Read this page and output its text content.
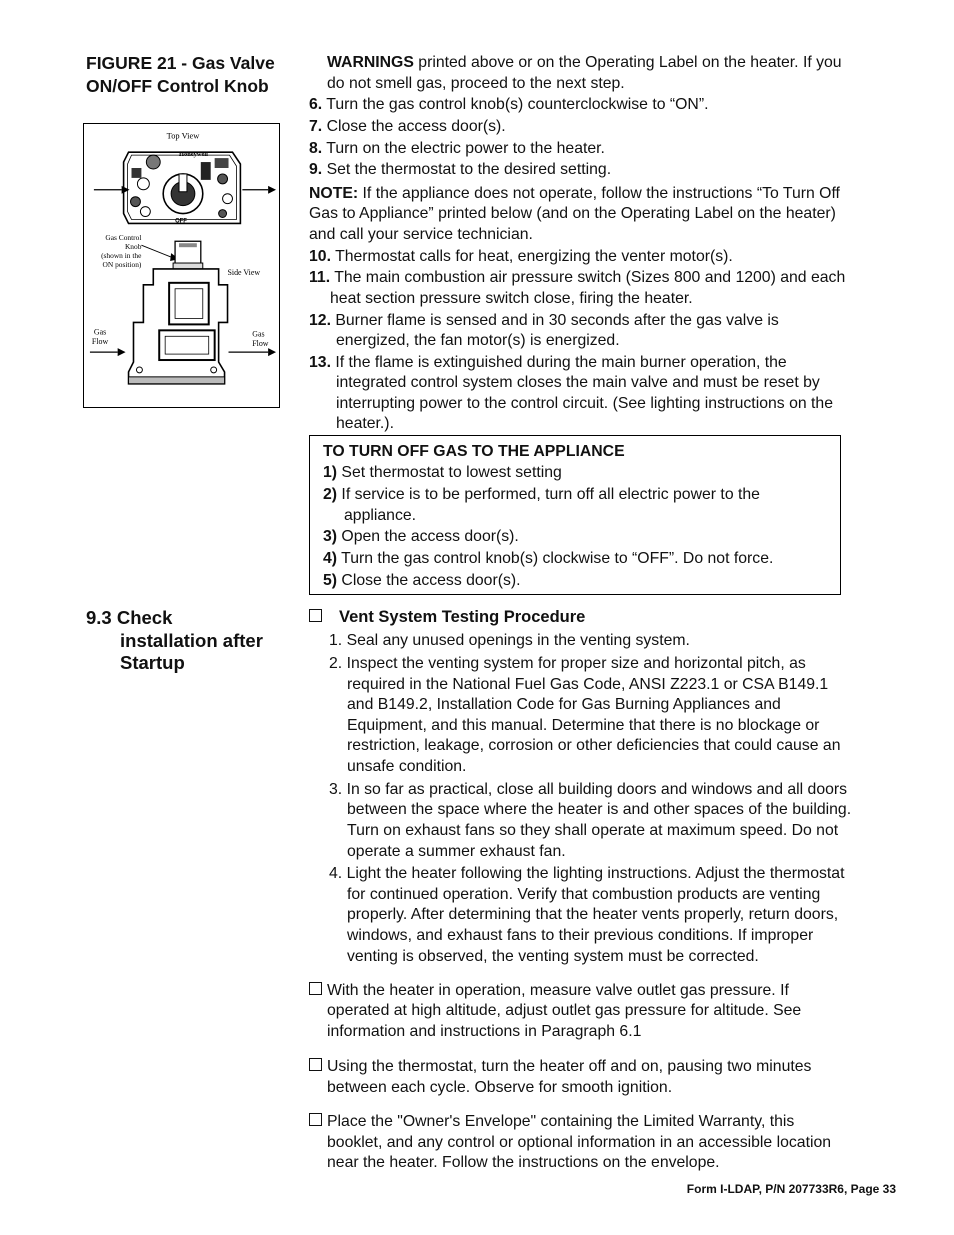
FIGURE 21 - Gas Valve ON/OFF Control Knob
Top View
Honeywell
OFF
Gas Control
Knob
(shown in the
ON position)
Side View
Gas
Flow
Gas
Flow

WARNINGS printed above or on the Operating Label on the heater. If you

do not smell gas, proceed to the next step.

6. Turn the gas control knob(s) counterclockwise to “ON”.

7. Close the access door(s).

8. Turn on the electric power to the heater.

9. Set the thermostat to the desired setting.

NOTE: If the appliance does not operate, follow the instructions “To Turn Off

Gas to Appliance” printed below (and on the Operating Label on the heater)

and call your service technician.

10. Thermostat calls for heat, energizing the venter motor(s).

11. The main combustion air pressure switch (Sizes 800 and 1200) and each

heat section pressure switch close, firing the heater.

12. Burner flame is sensed and in 30 seconds after the gas valve is

energized, the fan motor(s) is energized.

13. If the flame is extinguished during the main burner operation, the

integrated control system closes the main valve and must be reset by

interrupting power to the control circuit. (See lighting instructions on the

heater.).

TO TURN OFF GAS TO THE APPLIANCE
1) Set thermostat to lowest setting
2) If service is to be performed, turn off all electric power to the
appliance.
3) Open the access door(s).
4) Turn the gas control knob(s) clockwise to “OFF”. Do not force.
5) Close the access door(s).
9.3 Check
installation after
Startup

Vent System Testing Procedure

1. Seal any unused openings in the venting system.

2. Inspect the venting system for proper size and horizontal pitch, as

required in the National Fuel Gas Code, ANSI Z223.1 or CSA B149.1

and B149.2, Installation Code for Gas Burning Appliances and

Equipment, and this manual. Determine that there is no blockage or

restriction, leakage, corrosion or other deficiencies that could cause an

unsafe condition.

3. In so far as practical, close all building doors and windows and all doors

between the space where the heater is and other spaces of the building.

Turn on exhaust fans so they shall operate at maximum speed. Do not

operate a summer exhaust fan.

4. Light the heater following the lighting instructions. Adjust the thermostat

for continued operation. Verify that combustion products are venting

properly. After determining that the heater vents properly, return doors,

windows, and exhaust fans to their previous conditions. If improper

venting is observed, the venting system must be corrected.

With the heater in operation, measure valve outlet gas pressure. If

operated at high altitude, adjust outlet gas pressure for altitude. See

information and instructions in Paragraph 6.1

Using the thermostat, turn the heater off and on, pausing two minutes

between each cycle. Observe for smooth ignition.

Place the "Owner's Envelope" containing the Limited Warranty, this

booklet, and any control or optional information in an accessible location

near the heater. Follow the instructions on the envelope.

Form I-LDAP, P/N 207733R6, Page 33
